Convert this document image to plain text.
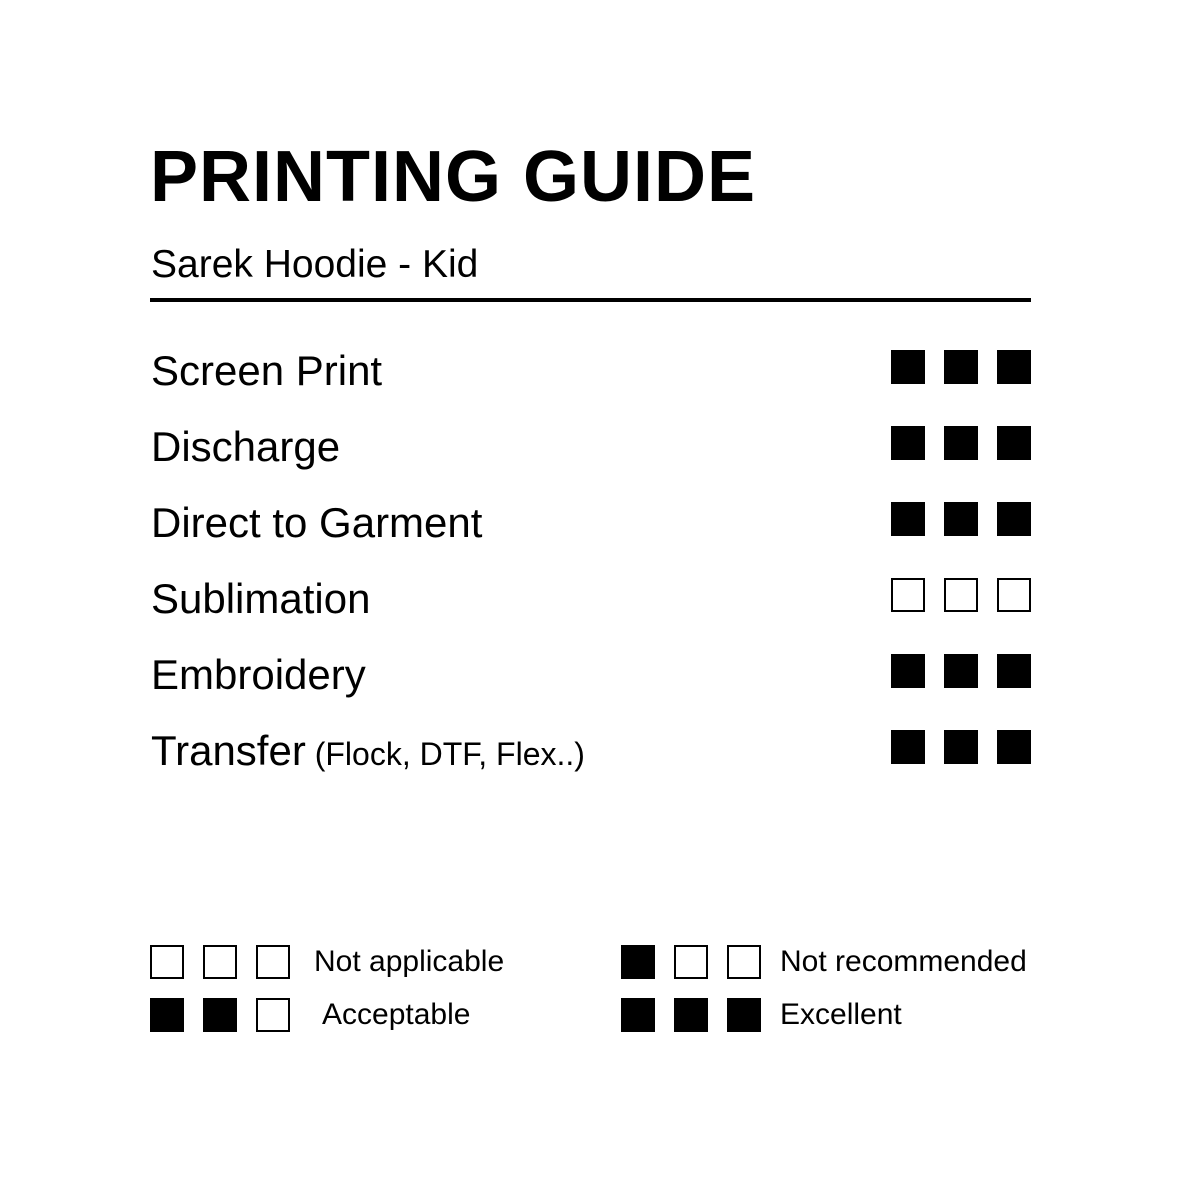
PRINTING GUIDE
Sarek Hoodie - Kid
Screen Print
Discharge
Direct to Garment
Sublimation
Embroidery
Transfer (Flock, DTF, Flex..)
Not applicable	Not recommended
Acceptable	Excellent
